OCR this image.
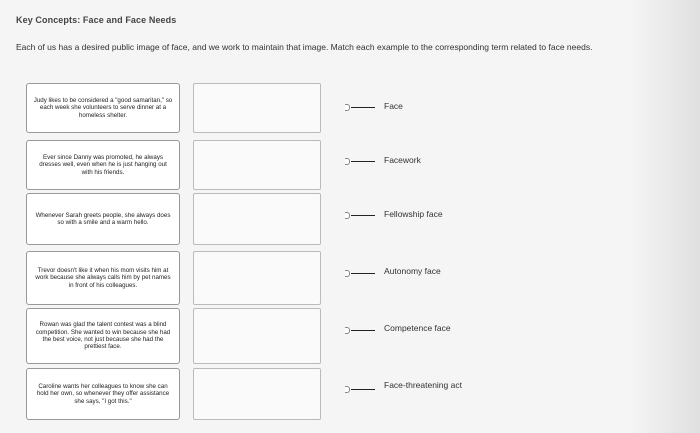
Key Concepts: Face and Face Needs
Each of us has a desired public image of face, and we work to maintain that image. Match each example to the corresponding term related to face needs.
Judy likes to be considered a "good samaritan," so each week she volunteers to serve dinner at a homeless shelter.
Face
Ever since Danny was promoted, he always dresses well, even when he is just hanging out with his friends.
Facework
Whenever Sarah greets people, she always does so with a smile and a warm hello.
Fellowship face
Trevor doesn't like it when his mom visits him at work because she always calls him by pet names in front of his colleagues.
Autonomy face
Rowan was glad the talent contest was a blind competition. She wanted to win because she had the best voice, not just because she had the prettiest face.
Competence face
Caroline wants her colleagues to know she can hold her own, so whenever they offer assistance she says, "I got this."
Face-threatening act
